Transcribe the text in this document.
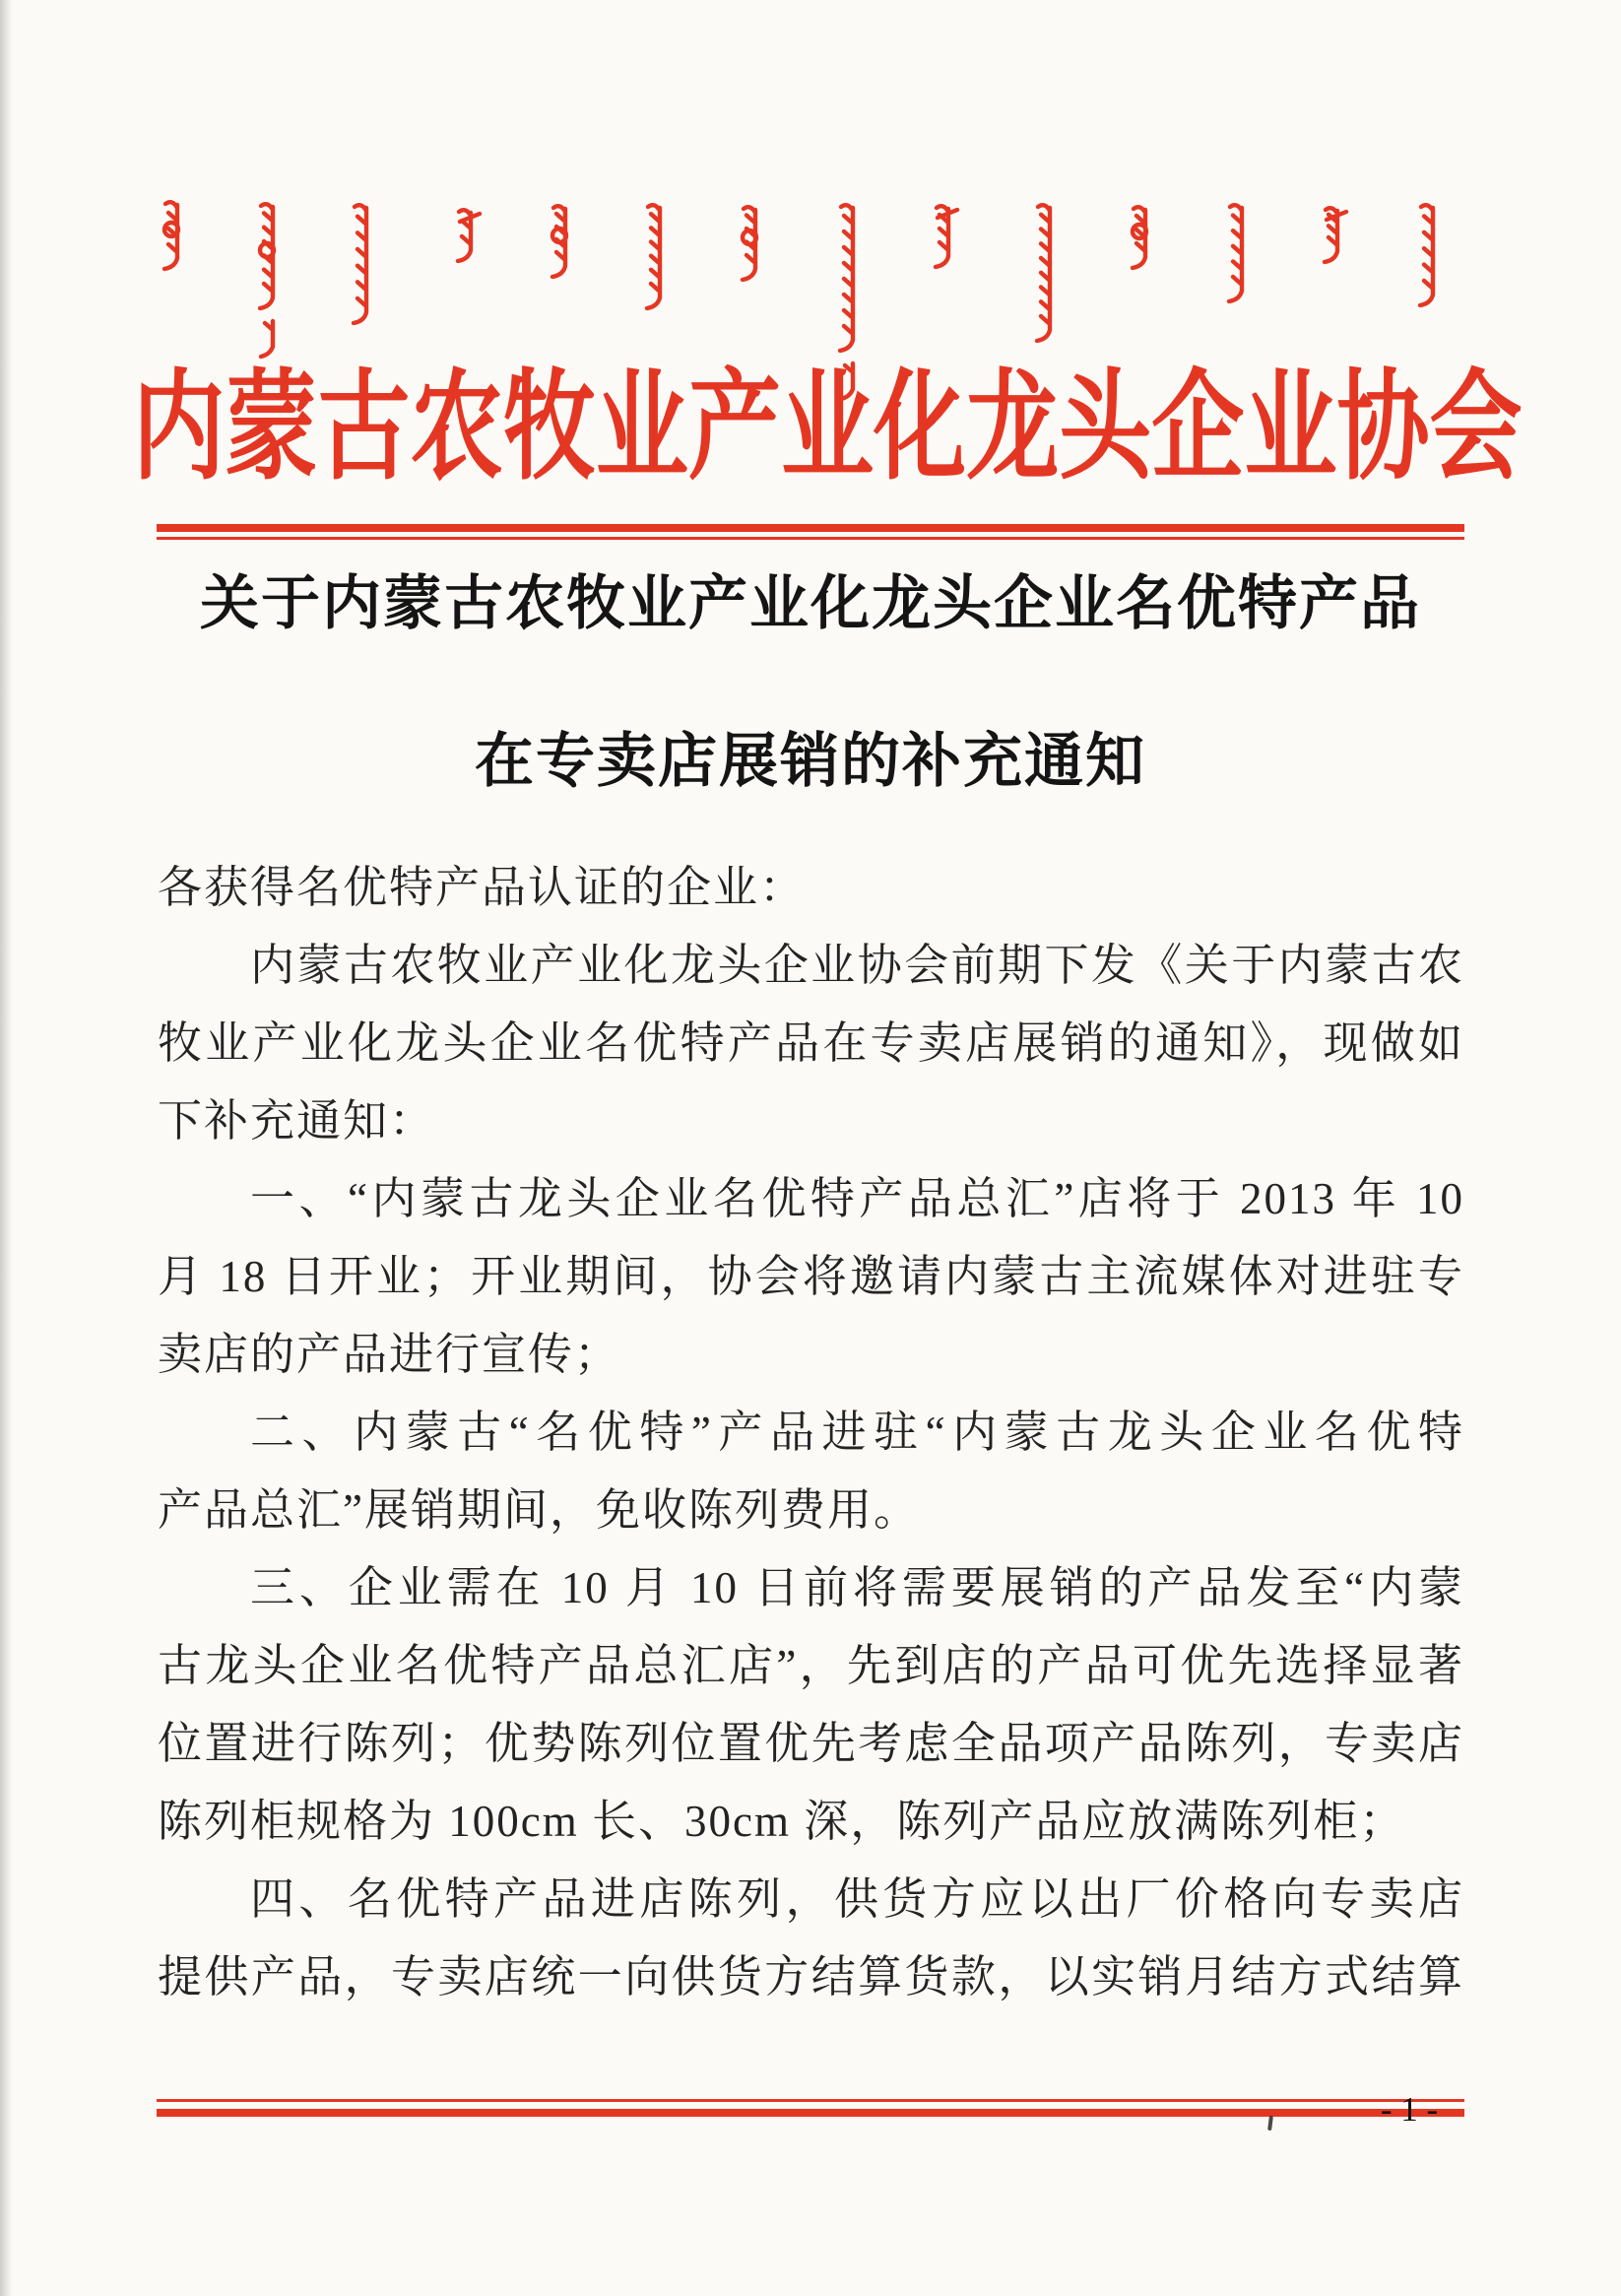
内蒙古农牧业产业化龙头企业协会
关于内蒙古农牧业产业化龙头企业名优特产品
在专卖店展销的补充通知
各获得名优特产品认证的企业：
内蒙古农牧业产业化龙头企业协会前期下发《关于内蒙古农
牧业产业化龙头企业名优特产品在专卖店展销的通知》，现做如
下补充通知：
一、“内蒙古龙头企业名优特产品总汇”店将于 2013 年 10
月 18 日开业；开业期间，协会将邀请内蒙古主流媒体对进驻专
卖店的产品进行宣传；
二、内蒙古“名优特”产品进驻“内蒙古龙头企业名优特
产品总汇”展销期间，免收陈列费用。
三、企业需在 10 月 10 日前将需要展销的产品发至“内蒙
古龙头企业名优特产品总汇店”，先到店的产品可优先选择显著
位置进行陈列；优势陈列位置优先考虑全品项产品陈列，专卖店
陈列柜规格为 100cm 长、30cm 深，陈列产品应放满陈列柜；
四、名优特产品进店陈列，供货方应以出厂价格向专卖店
提供产品，专卖店统一向供货方结算货款，以实销月结方式结算
- 1 -
